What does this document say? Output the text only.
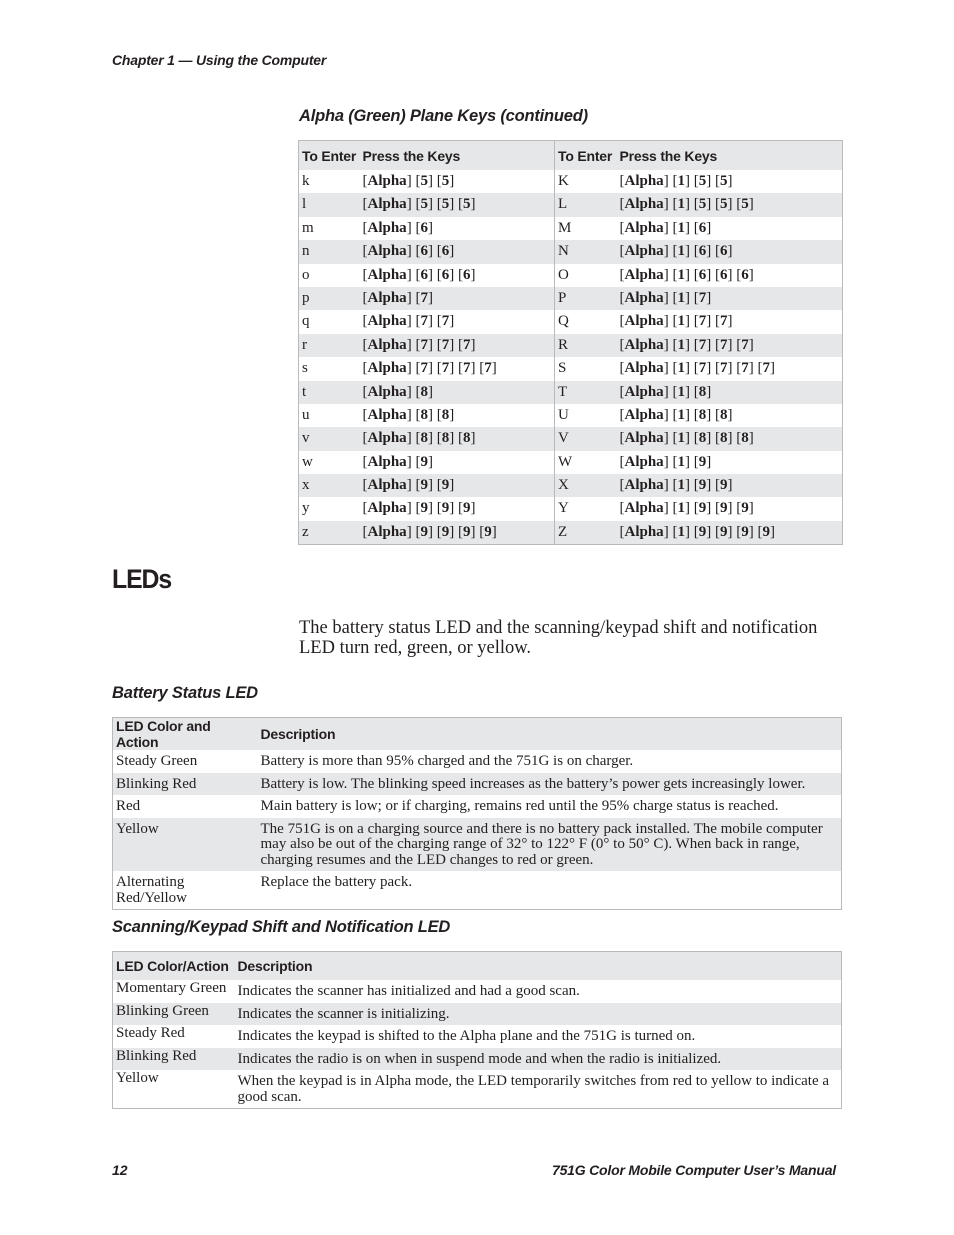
Chapter 1 — Using the Computer
Alpha (Green) Plane Keys (continued)
To Enter	Press the Keys	To Enter	Press the Keys
k	[Alpha] [5] [5]	K	[Alpha] [1] [5] [5]
l	[Alpha] [5] [5] [5]	L	[Alpha] [1] [5] [5] [5]
m	[Alpha] [6]	M	[Alpha] [1] [6]
n	[Alpha] [6] [6]	N	[Alpha] [1] [6] [6]
o	[Alpha] [6] [6] [6]	O	[Alpha] [1] [6] [6] [6]
p	[Alpha] [7]	P	[Alpha] [1] [7]
q	[Alpha] [7] [7]	Q	[Alpha] [1] [7] [7]
r	[Alpha] [7] [7] [7]	R	[Alpha] [1] [7] [7] [7]
s	[Alpha] [7] [7] [7] [7]	S	[Alpha] [1] [7] [7] [7] [7]
t	[Alpha] [8]	T	[Alpha] [1] [8]
u	[Alpha] [8] [8]	U	[Alpha] [1] [8] [8]
v	[Alpha] [8] [8] [8]	V	[Alpha] [1] [8] [8] [8]
w	[Alpha] [9]	W	[Alpha] [1] [9]
x	[Alpha] [9] [9]	X	[Alpha] [1] [9] [9]
y	[Alpha] [9] [9] [9]	Y	[Alpha] [1] [9] [9] [9]
z	[Alpha] [9] [9] [9] [9]	Z	[Alpha] [1] [9] [9] [9] [9]
LEDs
The battery status LED and the scanning/keypad shift and notification LED turn red, green, or yellow.
Battery Status LED
LED Color and Action	Description
Steady Green	Battery is more than 95% charged and the 751G is on charger.
Blinking Red	Battery is low. The blinking speed increases as the battery’s power gets increasingly lower.
Red	Main battery is low; or if charging, remains red until the 95% charge status is reached.
Yellow	The 751G is on a charging source and there is no battery pack installed. The mobile computer may also be out of the charging range of 32° to 122° F (0° to 50° C). When back in range, charging resumes and the LED changes to red or green.
Alternating Red/Yellow	Replace the battery pack.
Scanning/Keypad Shift and Notification LED
LED Color/Action	Description
Momentary Green	Indicates the scanner has initialized and had a good scan.
Blinking Green	Indicates the scanner is initializing.
Steady Red	Indicates the keypad is shifted to the Alpha plane and the 751G is turned on.
Blinking Red	Indicates the radio is on when in suspend mode and when the radio is initialized.
Yellow	When the keypad is in Alpha mode, the LED temporarily switches from red to yellow to indicate a good scan.
12	751G Color Mobile Computer User’s Manual
